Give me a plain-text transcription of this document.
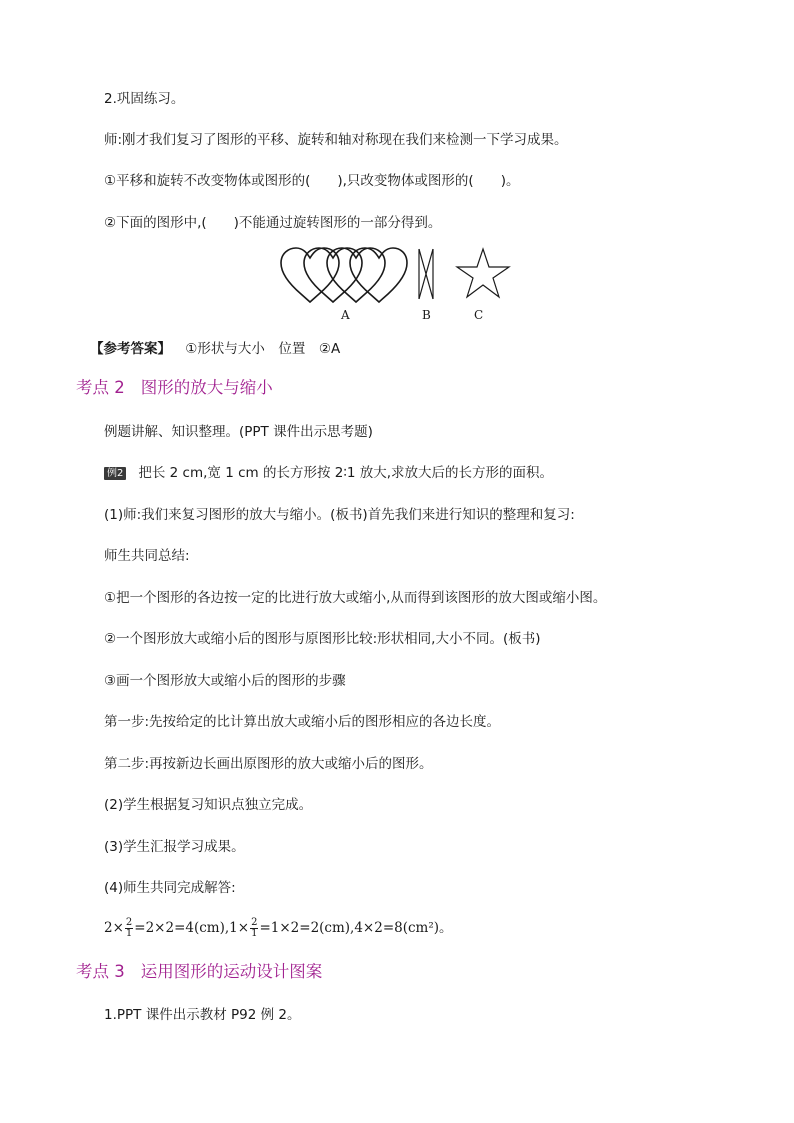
2.巩固练习。
师:刚才我们复习了图形的平移、旋转和轴对称现在我们来检测一下学习成果。
①平移和旋转不改变物体或图形的(　　),只改变物体或图形的(　　)。
②下面的图形中,(　　)不能通过旋转图形的一部分得到。
A	B	C
【参考答案】 ①形状与大小　位置　②A
考点 2 图形的放大与缩小
例题讲解、知识整理。(PPT 课件出示思考题)
例2 把长 2 cm,宽 1 cm 的长方形按 2∶1 放大,求放大后的长方形的面积。
(1)师:我们来复习图形的放大与缩小。(板书)首先我们来进行知识的整理和复习:
师生共同总结:
①把一个图形的各边按一定的比进行放大或缩小,从而得到该图形的放大图或缩小图。
②一个图形放大或缩小后的图形与原图形比较:形状相同,大小不同。(板书)
③画一个图形放大或缩小后的图形的步骤
第一步:先按给定的比计算出放大或缩小后的图形相应的各边长度。
第二步:再按新边长画出原图形的放大或缩小后的图形。
(2)学生根据复习知识点独立完成。
(3)学生汇报学习成果。
(4)师生共同完成解答:
$2\times \frac{2}{1} =2\times 2=4(cm),1\times \frac{2}{1} =1\times 2=2(cm),4\times 2=8(cm^2)$。
考点 3 运用图形的运动设计图案
1.PPT 课件出示教材 P92 例 2。
